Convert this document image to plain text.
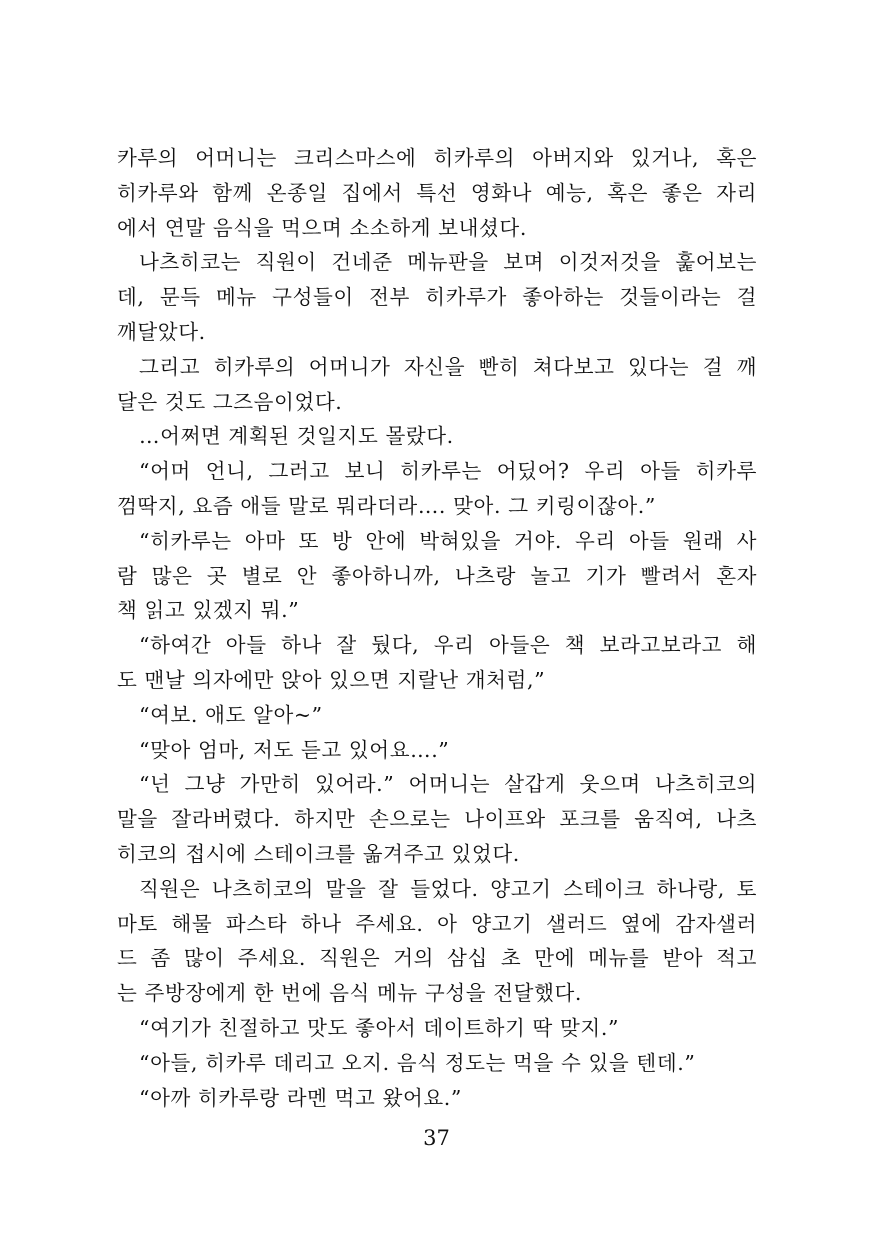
카루의 어머니는 크리스마스에 히카루의 아버지와 있거나, 혹은
히카루와 함께 온종일 집에서 특선 영화나 예능, 혹은 좋은 자리
에서 연말 음식을 먹으며 소소하게 보내셨다.
나츠히코는 직원이 건네준 메뉴판을 보며 이것저것을 훑어보는
데, 문득 메뉴 구성들이 전부 히카루가 좋아하는 것들이라는 걸
깨달았다.
그리고 히카루의 어머니가 자신을 빤히 쳐다보고 있다는 걸 깨
달은 것도 그즈음이었다.
…어쩌면 계획된 것일지도 몰랐다.
“어머 언니, 그러고 보니 히카루는 어딨어? 우리 아들 히카루
껌딱지, 요즘 애들 말로 뭐라더라…. 맞아. 그 키링이잖아.”
“히카루는 아마 또 방 안에 박혀있을 거야. 우리 아들 원래 사
람 많은 곳 별로 안 좋아하니까, 나츠랑 놀고 기가 빨려서 혼자
책 읽고 있겠지 뭐.”
“하여간 아들 하나 잘 뒀다, 우리 아들은 책 보라고보라고 해
도 맨날 의자에만 앉아 있으면 지랄난 개처럼,”
“여보. 애도 알아~”
“맞아 엄마, 저도 듣고 있어요….”
“넌 그냥 가만히 있어라.” 어머니는 살갑게 웃으며 나츠히코의
말을 잘라버렸다. 하지만 손으로는 나이프와 포크를 움직여, 나츠
히코의 접시에 스테이크를 옮겨주고 있었다.
직원은 나츠히코의 말을 잘 들었다. 양고기 스테이크 하나랑, 토
마토 해물 파스타 하나 주세요. 아 양고기 샐러드 옆에 감자샐러
드 좀 많이 주세요. 직원은 거의 삼십 초 만에 메뉴를 받아 적고
는 주방장에게 한 번에 음식 메뉴 구성을 전달했다.
“여기가 친절하고 맛도 좋아서 데이트하기 딱 맞지.”
“아들, 히카루 데리고 오지. 음식 정도는 먹을 수 있을 텐데.”
“아까 히카루랑 라멘 먹고 왔어요.”
37
